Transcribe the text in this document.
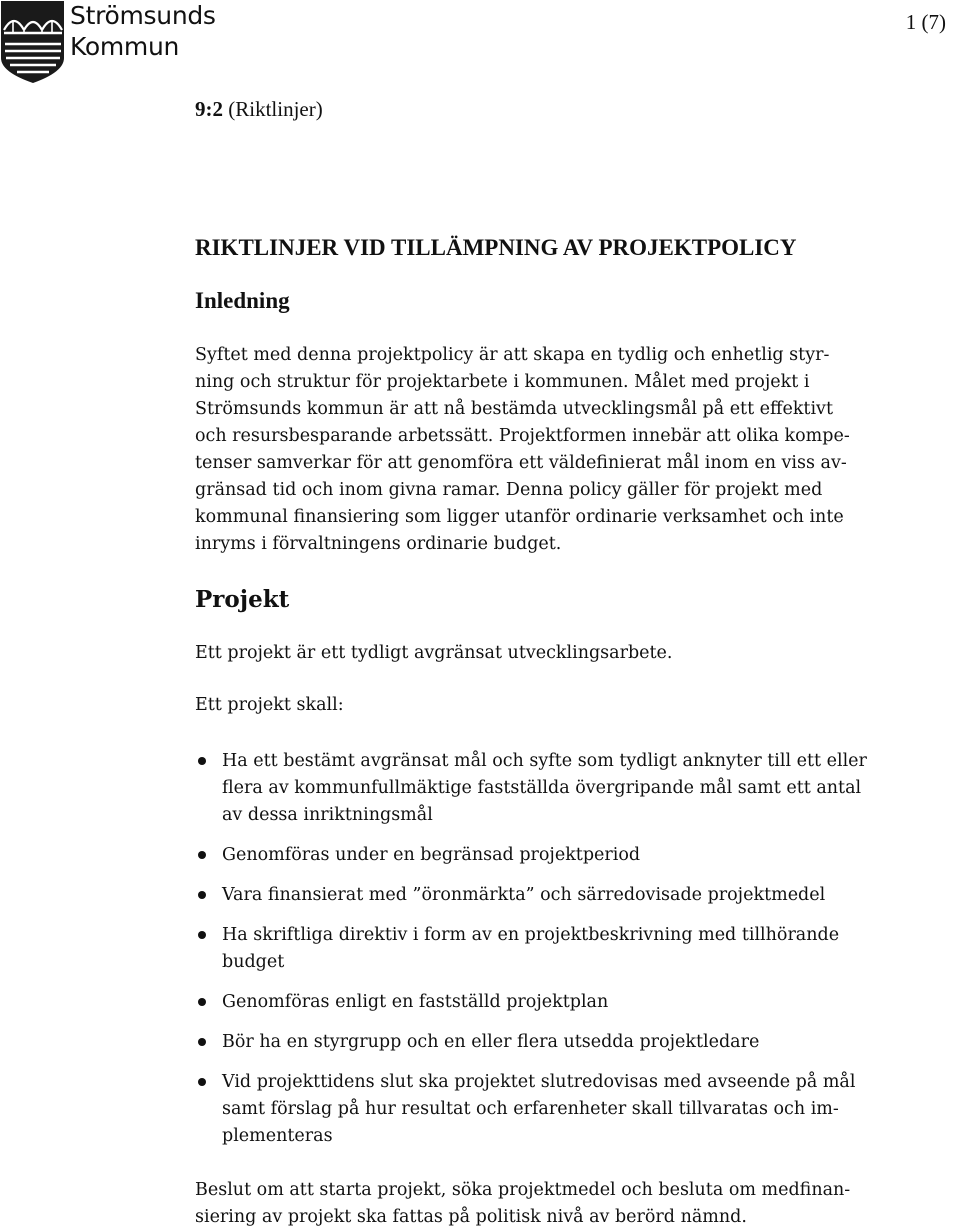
Strömsunds
Kommun
1 (7)
9:2 (Riktlinjer)
RIKTLINJER VID TILLÄMPNING AV PROJEKTPOLICY
Inledning
Syftet med denna projektpolicy är att skapa en tydlig och enhetlig styr-
ning och struktur för projektarbete i kommunen. Målet med projekt i
Strömsunds kommun är att nå bestämda utvecklingsmål på ett effektivt
och resursbesparande arbetssätt. Projektformen innebär att olika kompe-
tenser samverkar för att genomföra ett väldefinierat mål inom en viss av-
gränsad tid och inom givna ramar. Denna policy gäller för projekt med
kommunal finansiering som ligger utanför ordinarie verksamhet och inte
inryms i förvaltningens ordinarie budget.
Projekt
Ett projekt är ett tydligt avgränsat utvecklingsarbete.
Ett projekt skall:
Ha ett bestämt avgränsat mål och syfte som tydligt anknyter till ett eller
flera av kommunfullmäktige fastställda övergripande mål samt ett antal
av dessa inriktningsmål
Genomföras under en begränsad projektperiod
Vara finansierat med ”öronmärkta” och särredovisade projektmedel
Ha skriftliga direktiv i form av en projektbeskrivning med tillhörande
budget
Genomföras enligt en fastställd projektplan
Bör ha en styrgrupp och en eller flera utsedda projektledare
Vid projekttidens slut ska projektet slutredovisas med avseende på mål
samt förslag på hur resultat och erfarenheter skall tillvaratas och im-
plementeras
Beslut om att starta projekt, söka projektmedel och besluta om medfinan-
siering av projekt ska fattas på politisk nivå av berörd nämnd.
